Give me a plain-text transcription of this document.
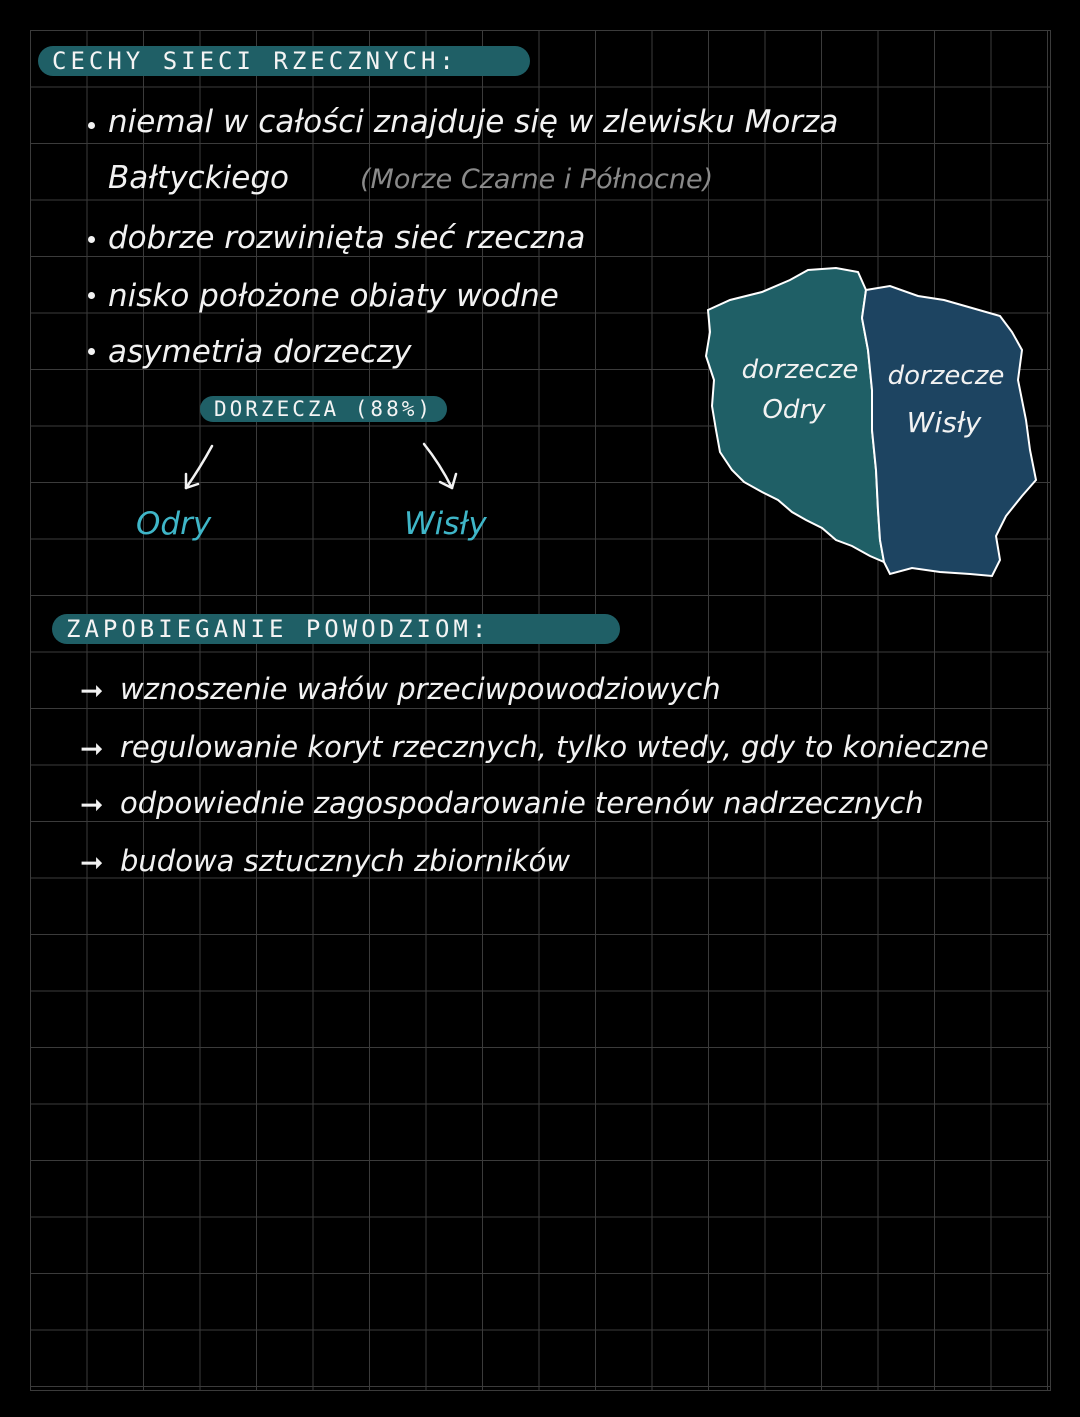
CECHY SIECI RZECZNYCH:
niemal w całości znajduje się w zlewisku Morza
Bałtyckiego	(Morze Czarne i Północne)
dobrze rozwinięta sieć rzeczna
nisko położone obiaty wodne
asymetria dorzeczy
DORZECZA (88%)
Odry	Wisły
dorzecze
Odry
dorzecze
Wisły
ZAPOBIEGANIE POWODZIOM:
➞ wznoszenie wałów przeciwpowodziowych
➞ regulowanie koryt rzecznych, tylko wtedy, gdy to konieczne
➞ odpowiednie zagospodarowanie terenów nadrzecznych
➞ budowa sztucznych zbiorników
